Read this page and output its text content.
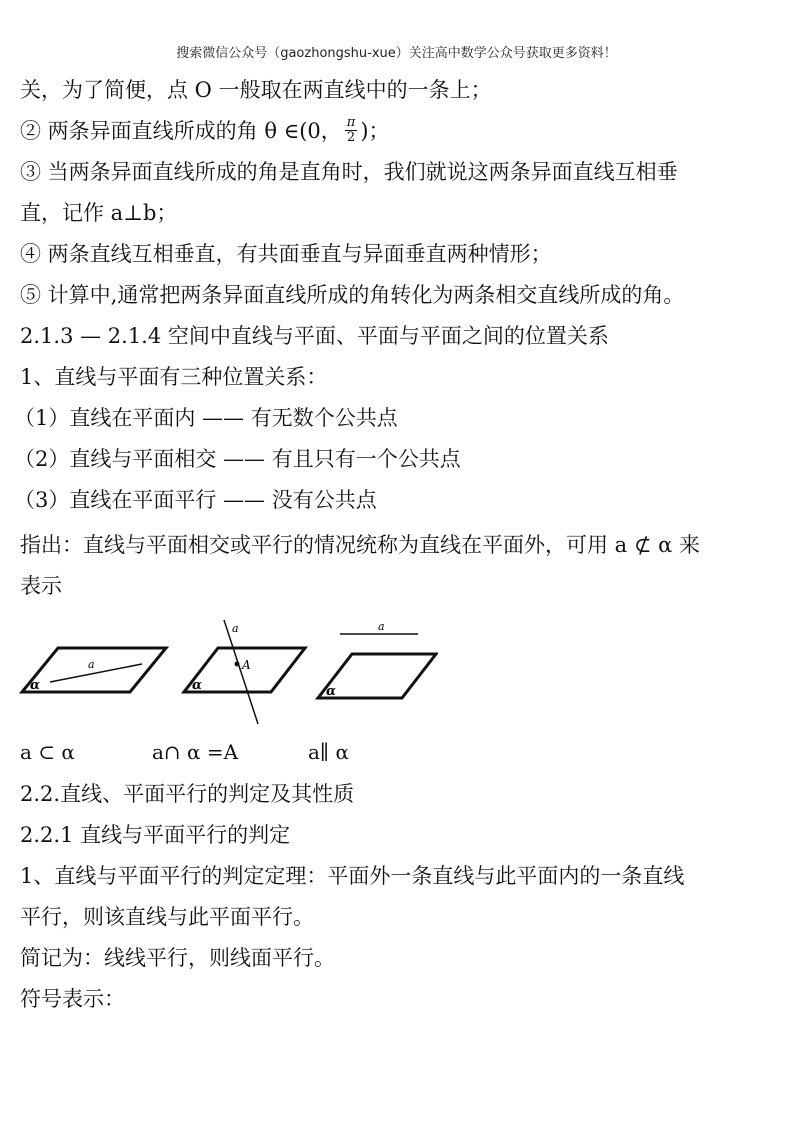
搜索微信公众号（gaozhongshu-xue）关注高中数学公众号获取更多资料！
关，为了简便，点 O 一般取在两直线中的一条上；
② 两条异面直线所成的角 θ ∈(0， $\frac{\pi}{2}$ )；
③ 当两条异面直线所成的角是直角时，我们就说这两条异面直线互相垂
直，记作 a⊥b；
④ 两条直线互相垂直，有共面垂直与异面垂直两种情形；
⑤ 计算中,通常把两条异面直线所成的角转化为两条相交直线所成的角。
2.1.3 — 2.1.4 空间中直线与平面、平面与平面之间的位置关系
1、直线与平面有三种位置关系：
（1）直线在平面内 —— 有无数个公共点
（2）直线与平面相交 —— 有且只有一个公共点
（3）直线在平面平行 —— 没有公共点
指出：直线与平面相交或平行的情况统称为直线在平面外，可用 a ⊄ α 来
表示
a
α
a
A
α
a
α
a ⊂ α	a∩ α =A	a∥ α
2.2.直线、平面平行的判定及其性质
2.2.1 直线与平面平行的判定
1、直线与平面平行的判定定理：平面外一条直线与此平面内的一条直线
平行，则该直线与此平面平行。
简记为：线线平行，则线面平行。
符号表示：
